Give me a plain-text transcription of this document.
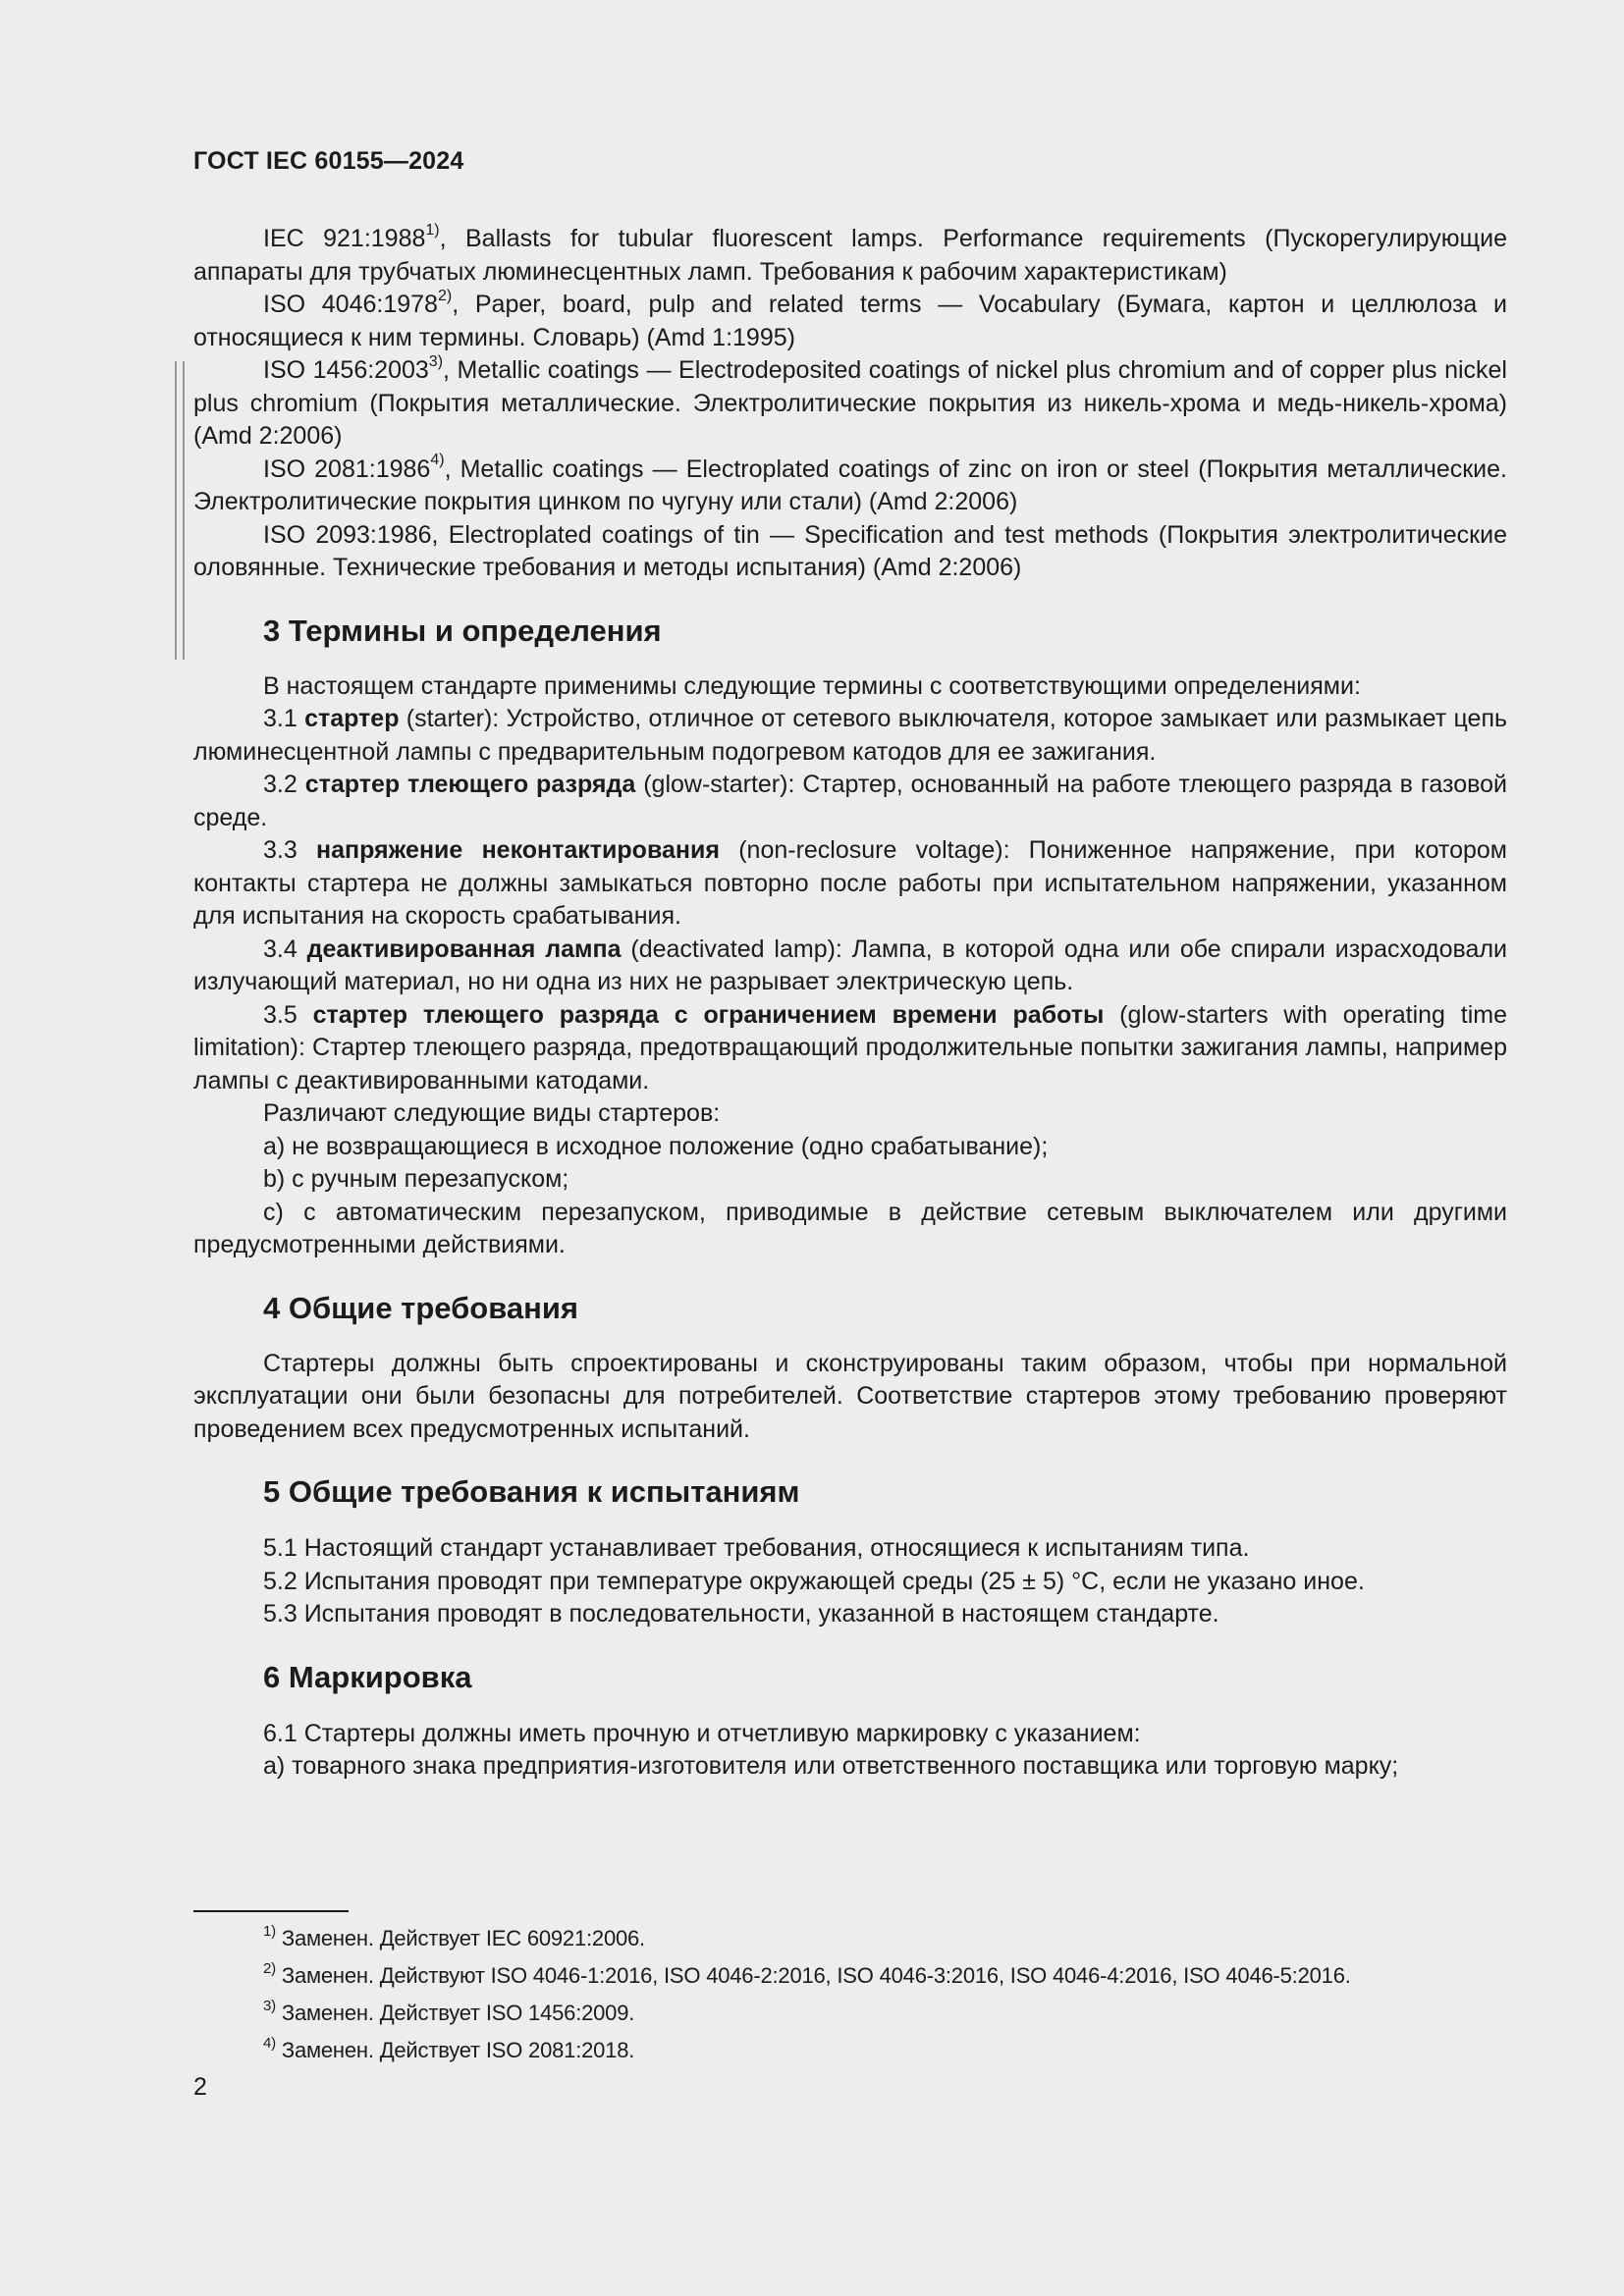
ГОСТ IEC 60155—2024

IEC 921:1988$^{1)}$, Ballasts for tubular fluorescent lamps. Performance requirements (Пускорегулирующие аппараты для трубчатых люминесцентных ламп. Требования к рабочим характеристикам)

ISO 4046:1978$^{2)}$, Paper, board, pulp and related terms — Vocabulary (Бумага, картон и целлюлоза и относящиеся к ним термины. Словарь) (Amd 1:1995)

ISO 1456:2003$^{3)}$, Metallic coatings — Electrodeposited coatings of nickel plus chromium and of copper plus nickel plus chromium (Покрытия металлические. Электролитические покрытия из никель-хрома и медь-никель-хрома) (Amd 2:2006)

ISO 2081:1986$^{4)}$, Metallic coatings — Electroplated coatings of zinc on iron or steel (Покрытия металлические. Электролитические покрытия цинком по чугуну или стали) (Amd 2:2006)

ISO 2093:1986, Electroplated coatings of tin — Specification and test methods (Покрытия электролитические оловянные. Технические требования и методы испытания) (Amd 2:2006)

3 Термины и определения

В настоящем стандарте применимы следующие термины с соответствующими определениями:

3.1 стартер (starter): Устройство, отличное от сетевого выключателя, которое замыкает или размыкает цепь люминесцентной лампы с предварительным подогревом катодов для ее зажигания.

3.2 стартер тлеющего разряда (glow-starter): Стартер, основанный на работе тлеющего разряда в газовой среде.

3.3 напряжение неконтактирования (non-reclosure voltage): Пониженное напряжение, при котором контакты стартера не должны замыкаться повторно после работы при испытательном напряжении, указанном для испытания на скорость срабатывания.

3.4 деактивированная лампа (deactivated lamp): Лампа, в которой одна или обе спирали израсходовали излучающий материал, но ни одна из них не разрывает электрическую цепь.

3.5 стартер тлеющего разряда с ограничением времени работы (glow-starters with operating time limitation): Стартер тлеющего разряда, предотвращающий продолжительные попытки зажигания лампы, например лампы с деактивированными катодами.

Различают следующие виды стартеров:

a) не возвращающиеся в исходное положение (одно срабатывание);

b) с ручным перезапуском;

c) с автоматическим перезапуском, приводимые в действие сетевым выключателем или другими предусмотренными действиями.

4 Общие требования

Стартеры должны быть спроектированы и сконструированы таким образом, чтобы при нормальной эксплуатации они были безопасны для потребителей. Соответствие стартеров этому требованию проверяют проведением всех предусмотренных испытаний.

5 Общие требования к испытаниям

5.1 Настоящий стандарт устанавливает требования, относящиеся к испытаниям типа.

5.2 Испытания проводят при температуре окружающей среды (25 ± 5) °С, если не указано иное.

5.3 Испытания проводят в последовательности, указанной в настоящем стандарте.

6 Маркировка

6.1 Стартеры должны иметь прочную и отчетливую маркировку с указанием:

a) товарного знака предприятия-изготовителя или ответственного поставщика или торговую марку;

$^{1)}$ Заменен. Действует IEC 60921:2006.
$^{2)}$ Заменен. Действуют ISO 4046-1:2016, ISO 4046-2:2016, ISO 4046-3:2016, ISO 4046-4:2016, ISO 4046-5:2016.
$^{3)}$ Заменен. Действует ISO 1456:2009.
$^{4)}$ Заменен. Действует ISO 2081:2018.
2
